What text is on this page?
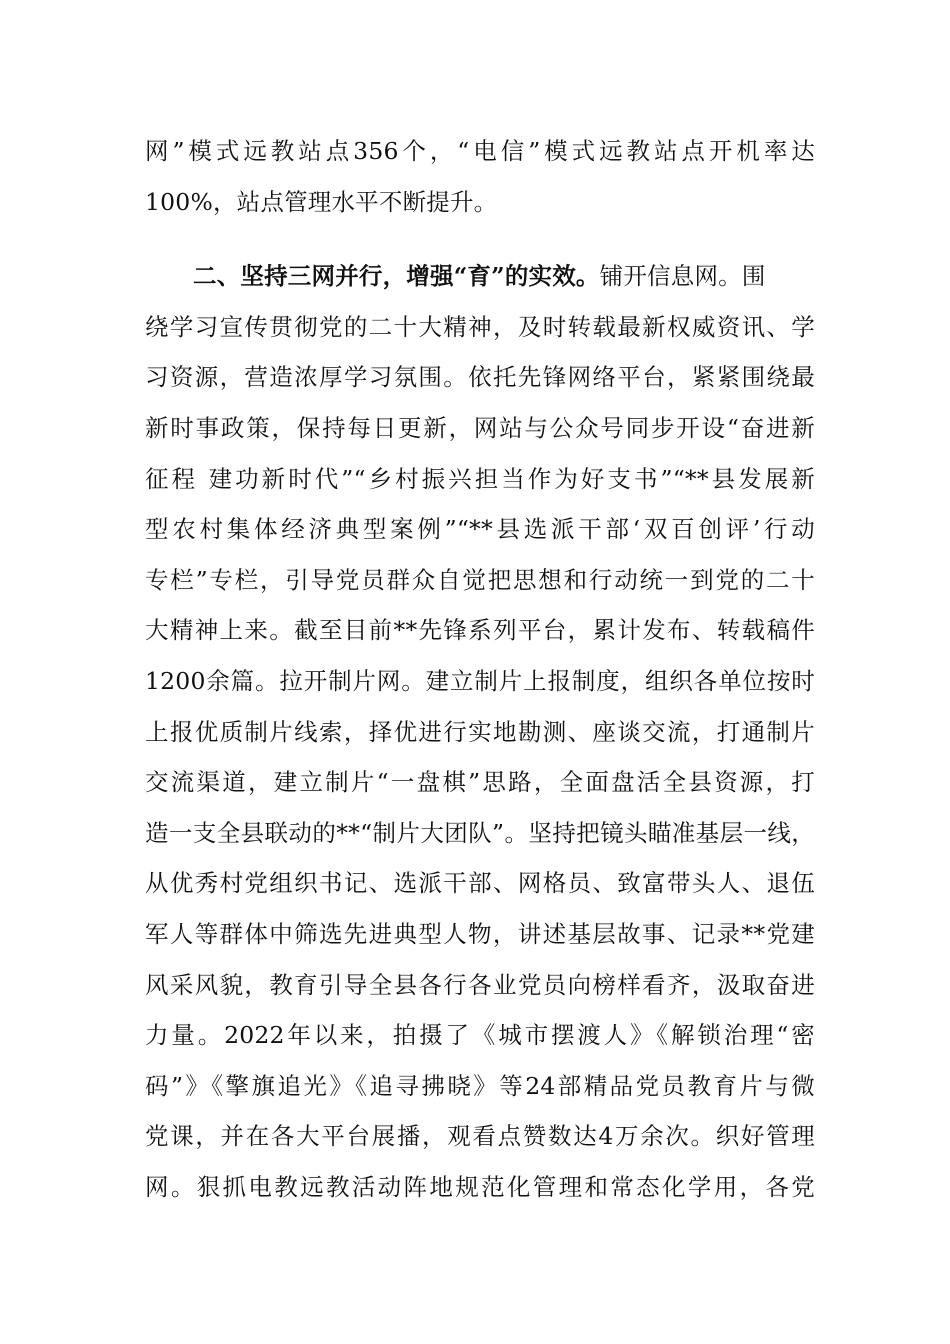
网”模式远教站点356个，“电信”模式远教站点开机率达
100%，站点管理水平不断提升。
二、坚持三网并行，增强“育”的实效。铺开信息网。围
绕学习宣传贯彻党的二十大精神，及时转载最新权威资讯、学
习资源，营造浓厚学习氛围。依托先锋网络平台，紧紧围绕最
新时事政策，保持每日更新，网站与公众号同步开设“奋进新
征程 建功新时代”“乡村振兴担当作为好支书”“**县发展新
型农村集体经济典型案例”“**县选派干部‘双百创评’行动
专栏”专栏，引导党员群众自觉把思想和行动统一到党的二十
大精神上来。截至目前**先锋系列平台，累计发布、转载稿件
1200余篇。拉开制片网。建立制片上报制度，组织各单位按时
上报优质制片线索，择优进行实地勘测、座谈交流，打通制片
交流渠道，建立制片“一盘棋”思路，全面盘活全县资源，打
造一支全县联动的**“制片大团队”。坚持把镜头瞄准基层一线，
从优秀村党组织书记、选派干部、网格员、致富带头人、退伍
军人等群体中筛选先进典型人物，讲述基层故事、记录**党建
风采风貌，教育引导全县各行各业党员向榜样看齐，汲取奋进
力量。2022年以来，拍摄了《城市摆渡人》《解锁治理“密
码”》《擎旗追光》《追寻拂晓》等24部精品党员教育片与微
党课，并在各大平台展播，观看点赞数达4万余次。织好管理
网。狠抓电教远教活动阵地规范化管理和常态化学用，各党
